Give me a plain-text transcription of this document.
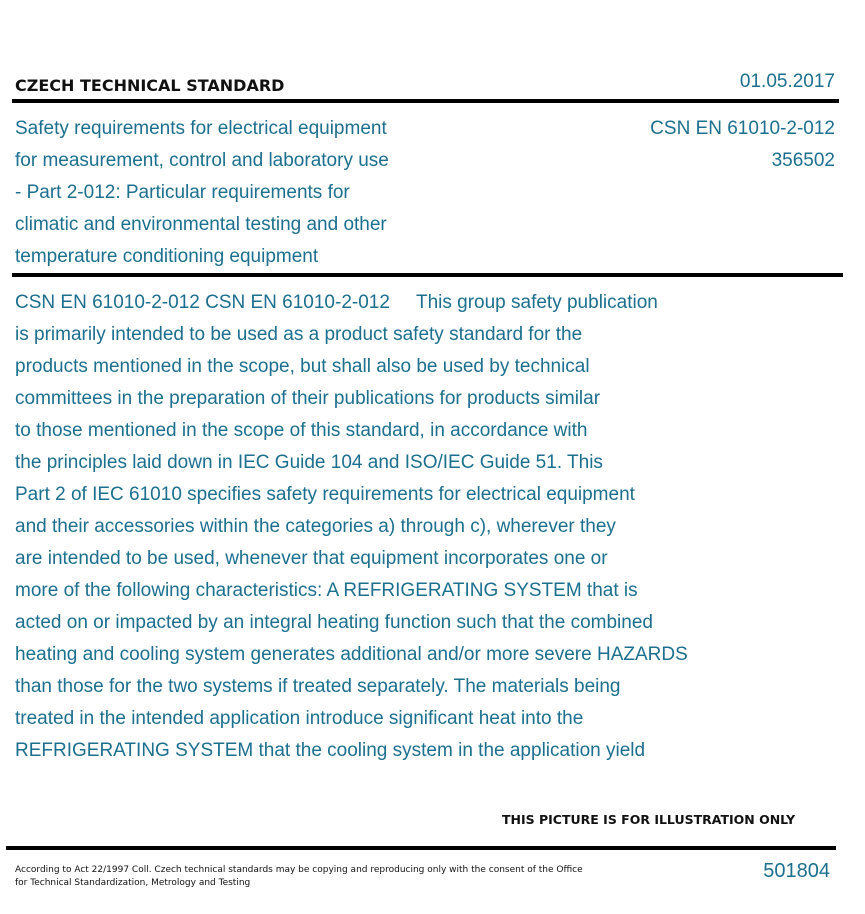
CZECH TECHNICAL STANDARD	01.05.2017
Safety requirements for electrical equipment
for measurement, control and laboratory use
- Part 2-012: Particular requirements for
climatic and environmental testing and other
temperature conditioning equipment
CSN EN 61010-2-012
356502
CSN EN 61010-2-012 CSN EN 61010-2-012     This group safety publication
is primarily intended to be used as a product safety standard for the
products mentioned in the scope, but shall also be used by technical
committees in the preparation of their publications for products similar
to those mentioned in the scope of this standard, in accordance with
the principles laid down in IEC Guide 104 and ISO/IEC Guide 51. This
Part 2 of IEC 61010 specifies safety requirements for electrical equipment
and their accessories within the categories a) through c), wherever they
are intended to be used, whenever that equipment incorporates one or
more of the following characteristics: A REFRIGERATING SYSTEM that is
acted on or impacted by an integral heating function such that the combined
heating and cooling system generates additional and/or more severe HAZARDS
than those for the two systems if treated separately. The materials being
treated in the intended application introduce significant heat into the
REFRIGERATING SYSTEM that the cooling system in the application yield
THIS PICTURE IS FOR ILLUSTRATION ONLY
According to Act 22/1997 Coll. Czech technical standards may be copying and reproducing only with the consent of the Office
for Technical Standardization, Metrology and Testing
501804
